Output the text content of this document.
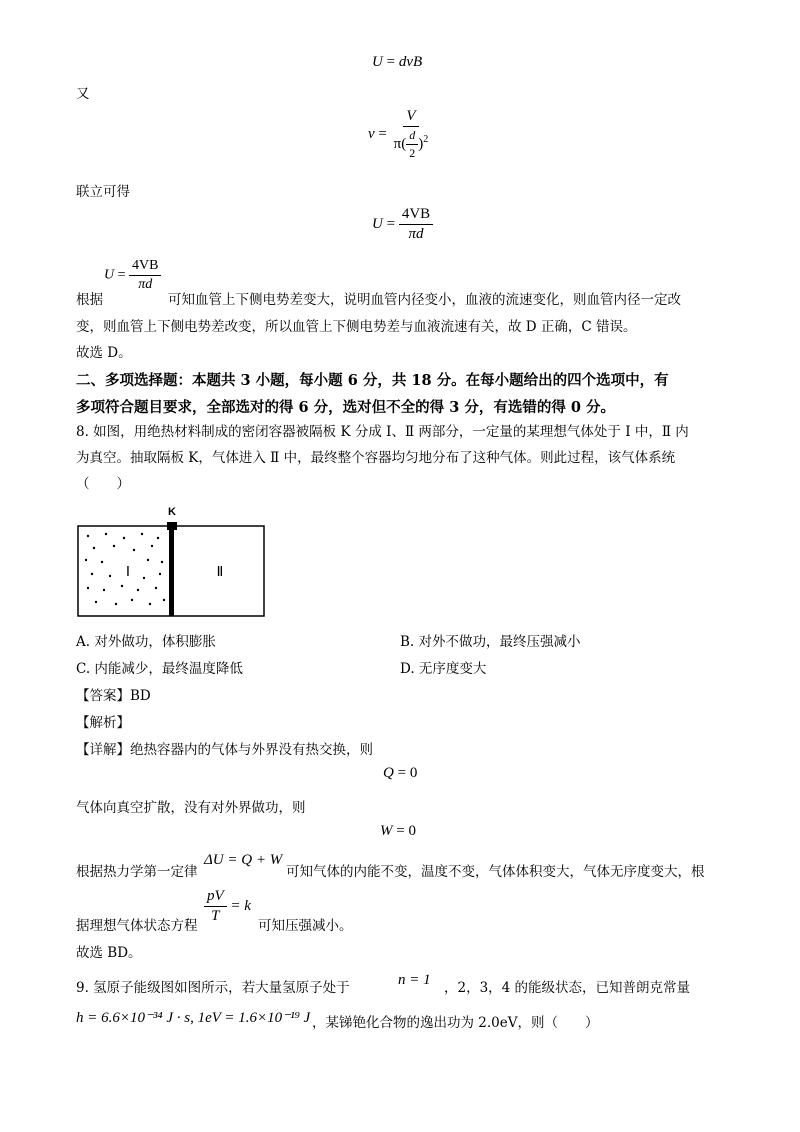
U = dvB
又
$v = \frac{V}{\pi( \frac{d}{2} )^2}$
联立可得
$U = \frac{4VB}{\pi d}$
$U = \frac{4VB}{\pi d}$
根据	可知血管上下侧电势差变大，说明血管内径变小，血液的流速变化，则血管内径一定改
变，则血管上下侧电势差改变，所以血管上下侧电势差与血液流速有关，故 D 正确，C 错误。
故选 D。
二、多项选择题：本题共 3 小题，每小题 6 分，共 18 分。在每小题给出的四个选项中，有
多项符合题目要求，全部选对的得 6 分，选对但不全的得 3 分，有选错的得 0 分。
8. 如图，用绝热材料制成的密闭容器被隔板 K 分成 Ⅰ、Ⅱ 两部分，一定量的某理想气体处于 Ⅰ 中，Ⅱ 内
为真空。抽取隔板 K，气体进入 Ⅱ 中，最终整个容器均匀地分布了这种气体。则此过程，该气体系统
（　　）
K
Ⅰ	Ⅱ
A. 对外做功，体积膨胀	B. 对外不做功，最终压强减小
C. 内能减少，最终温度降低	D. 无序度变大
【答案】BD
【解析】
【详解】绝热容器内的气体与外界没有热交换，则
Q = 0
气体向真空扩散，没有对外界做功，则
W = 0
根据热力学第一定律
ΔU = Q + W
可知气体的内能不变，温度不变，气体体积变大，气体无序度变大，根
据理想气体状态方程
$\frac{pV}{T} = k$
可知压强减小。
故选 BD。
9. 氢原子能级图如图所示，若大量氢原子处于	n = 1 ，2，3，4 的能级状态，已知普朗克常量
h = 6.6×10⁻³⁴ J · s, 1eV = 1.6×10⁻¹⁹ J ，某锑铯化合物的逸出功为 2.0eV，则（　　）
